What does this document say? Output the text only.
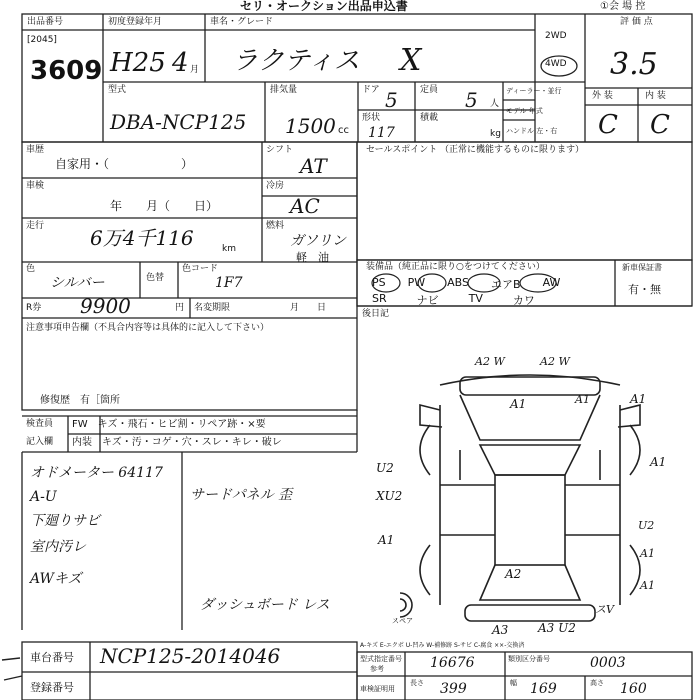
セリ・オークション出品申込書	①会 場 控
出品番号
[2045]
3609
初度登録年月
H25 4 月
車名・グレード
ラクティス X
2WD
4WD
評 価 点
3.5
外 装	内 装
C C
型式
DBA-NCP125
排気量
1500 cc
ドア 5 定員 5 人
形状
117
積載
kg
ディーラー・並行
モデル 年式
ハンドル 左・右
車歴
自家用・（　　　　　　）
シフト
AT
車検
年　　月（　　日）
冷房
AC
走行 6万4千116	km
燃料
ガソリン
軽　油
色
シルバー	色替
色コード
1F7
R券 9900	円 名変期限	月　　日
注意事項申告欄（不具合内容等は具体的に記入して下さい）
修復歴　有［箇所
セールスポイント （正常に機能するものに限ります）
装備品（純正品に限り○をつけてください）	新車保証書
有・無
PS PW ABS エアB AW
SR	ナビ	TV	カワ
後日記
検査員
記入欄
FW　キズ・飛石・ヒビ割・リペア跡・×要
内装　キズ・汚・コゲ・穴・スレ・キレ・破レ
オドメーター 64117
A-U
下廻りサビ
室内汚レ
AWキズ
サードパネル 歪
ダッシュボード レス
A2 W	A2 W
A1	A1
U2	A1
XU2
A1
A2
A3 A3 U2
スペア
スV
U2
A1
A1
A1
車台番号 NCP125-2014046
登録番号
A-キズ E-エクボ U-凹み W-補修跡 S-サビ C-腐食 ××-交換済
型式指定番号
参考	16676	類別区分番号	0003
車検証明用
長さ 399	幅 169	高さ 160
